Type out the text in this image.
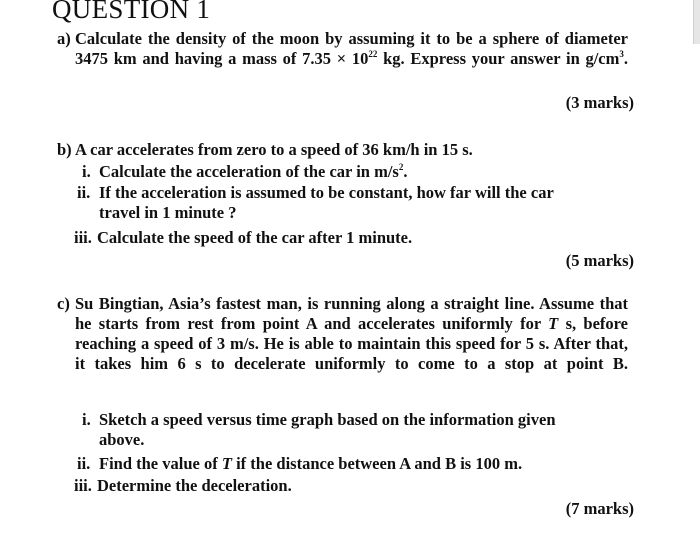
QUESTION 1
a) Calculate the density of the moon by assuming it to be a sphere of diameter 3475 km and having a mass of $7.35 \times 10^{22}$ kg. Express your answer in $g/cm^3$.
(3 marks)
b) A car accelerates from zero to a speed of 36 km/h in 15 s.
i. Calculate the acceleration of the car in $m/s^2$.
ii. If the acceleration is assumed to be constant, how far will the car travel in 1 minute ?
iii. Calculate the speed of the car after 1 minute.
(5 marks)
c) Su Bingtian, Asia’s fastest man, is running along a straight line. Assume that he starts from rest from point A and accelerates uniformly for T s, before reaching a speed of 3 m/s. He is able to maintain this speed for 5 s. After that, it takes him 6 s to decelerate uniformly to come to a stop at point B.
i. Sketch a speed versus time graph based on the information given above.
ii. Find the value of T if the distance between A and B is 100 m.
iii. Determine the deceleration.
(7 marks)
